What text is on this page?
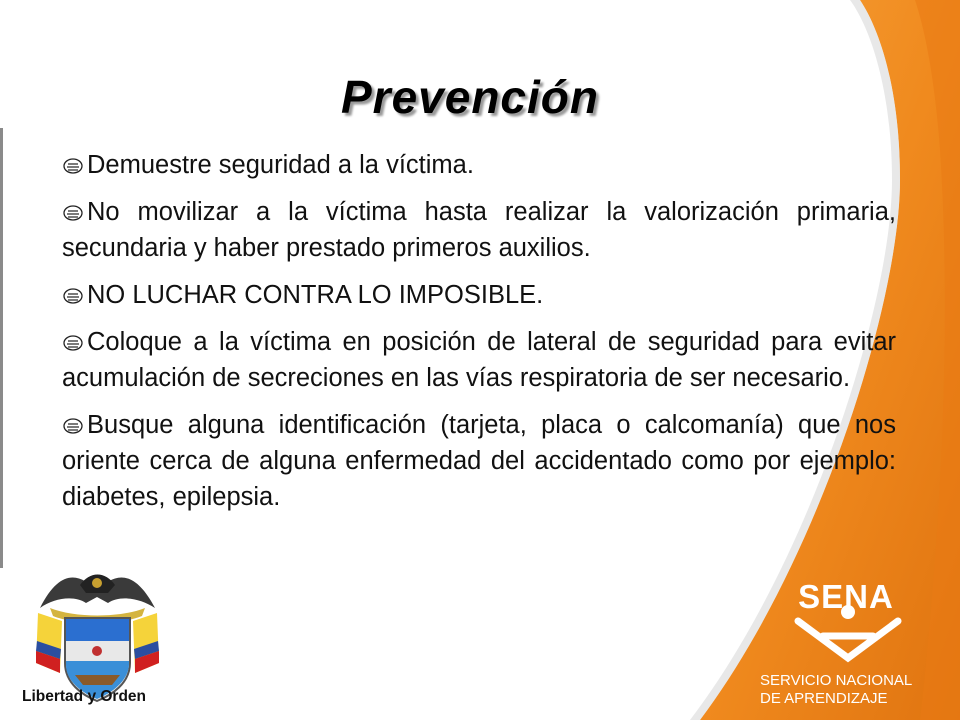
Prevención
Demuestre seguridad a la víctima.
No movilizar a la víctima hasta realizar la valorización primaria, secundaria y haber prestado primeros auxilios.
NO LUCHAR CONTRA LO IMPOSIBLE.
Coloque a la víctima en posición de lateral de seguridad para evitar acumulación de secreciones en las vías respiratoria de ser necesario.
Busque alguna identificación (tarjeta, placa o calcomanía) que nos oriente cerca de alguna enfermedad del accidentado como por ejemplo: diabetes, epilepsia.
Libertad y Orden
SENA
SERVICIO NACIONAL
DE APRENDIZAJE
